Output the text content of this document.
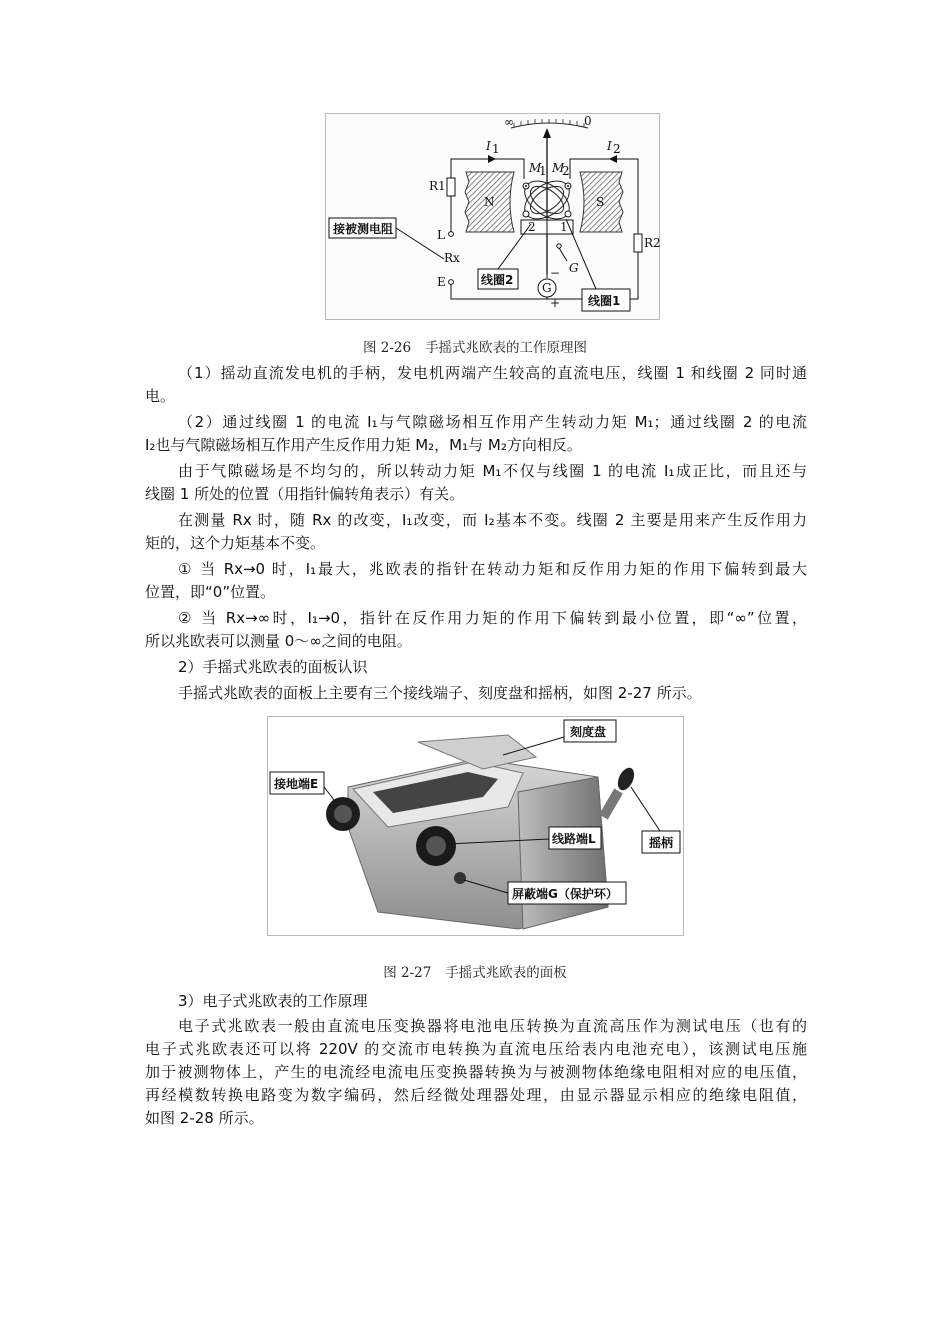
∞	0
I 1	I 2
R1
R2
N	S
M
1 M
2
2 1
G
−
+
G
L
Rx
E
接被测电阻
线圈2
线圈1
图 2-26 手摇式兆欧表的工作原理图
（1）摇动直流发电机的手柄，发电机两端产生较高的直流电压，线圈 1 和线圈 2 同时通
电。
（2）通过线圈 1 的电流 I₁与气隙磁场相互作用产生转动力矩 M₁；通过线圈 2 的电流
I₂也与气隙磁场相互作用产生反作用力矩 M₂，M₁与 M₂方向相反。
由于气隙磁场是不均匀的，所以转动力矩 M₁不仅与线圈 1 的电流 I₁成正比，而且还与
线圈 1 所处的位置（用指针偏转角表示）有关。
在测量 Rx 时，随 Rx 的改变，I₁改变，而 I₂基本不变。线圈 2 主要是用来产生反作用力
矩的，这个力矩基本不变。
① 当 Rx→0 时，I₁最大，兆欧表的指针在转动力矩和反作用力矩的作用下偏转到最大
位置，即“0”位置。
② 当 Rx→∞时，I₁→0，指针在反作用力矩的作用下偏转到最小位置，即“∞”位置，
所以兆欧表可以测量 0～∞之间的电阻。
2）手摇式兆欧表的面板认识
手摇式兆欧表的面板上主要有三个接线端子、刻度盘和摇柄，如图 2-27 所示。
刻度盘
接地端E
线路端L	摇柄
屏蔽端G（保护环）
图 2-27 手摇式兆欧表的面板
3）电子式兆欧表的工作原理
电子式兆欧表一般由直流电压变换器将电池电压转换为直流高压作为测试电压（也有的
电子式兆欧表还可以将 220V 的交流市电转换为直流电压给表内电池充电），该测试电压施
加于被测物体上，产生的电流经电流电压变换器转换为与被测物体绝缘电阻相对应的电压值，
再经模数转换电路变为数字编码，然后经微处理器处理，由显示器显示相应的绝缘电阻值，
如图 2-28 所示。
